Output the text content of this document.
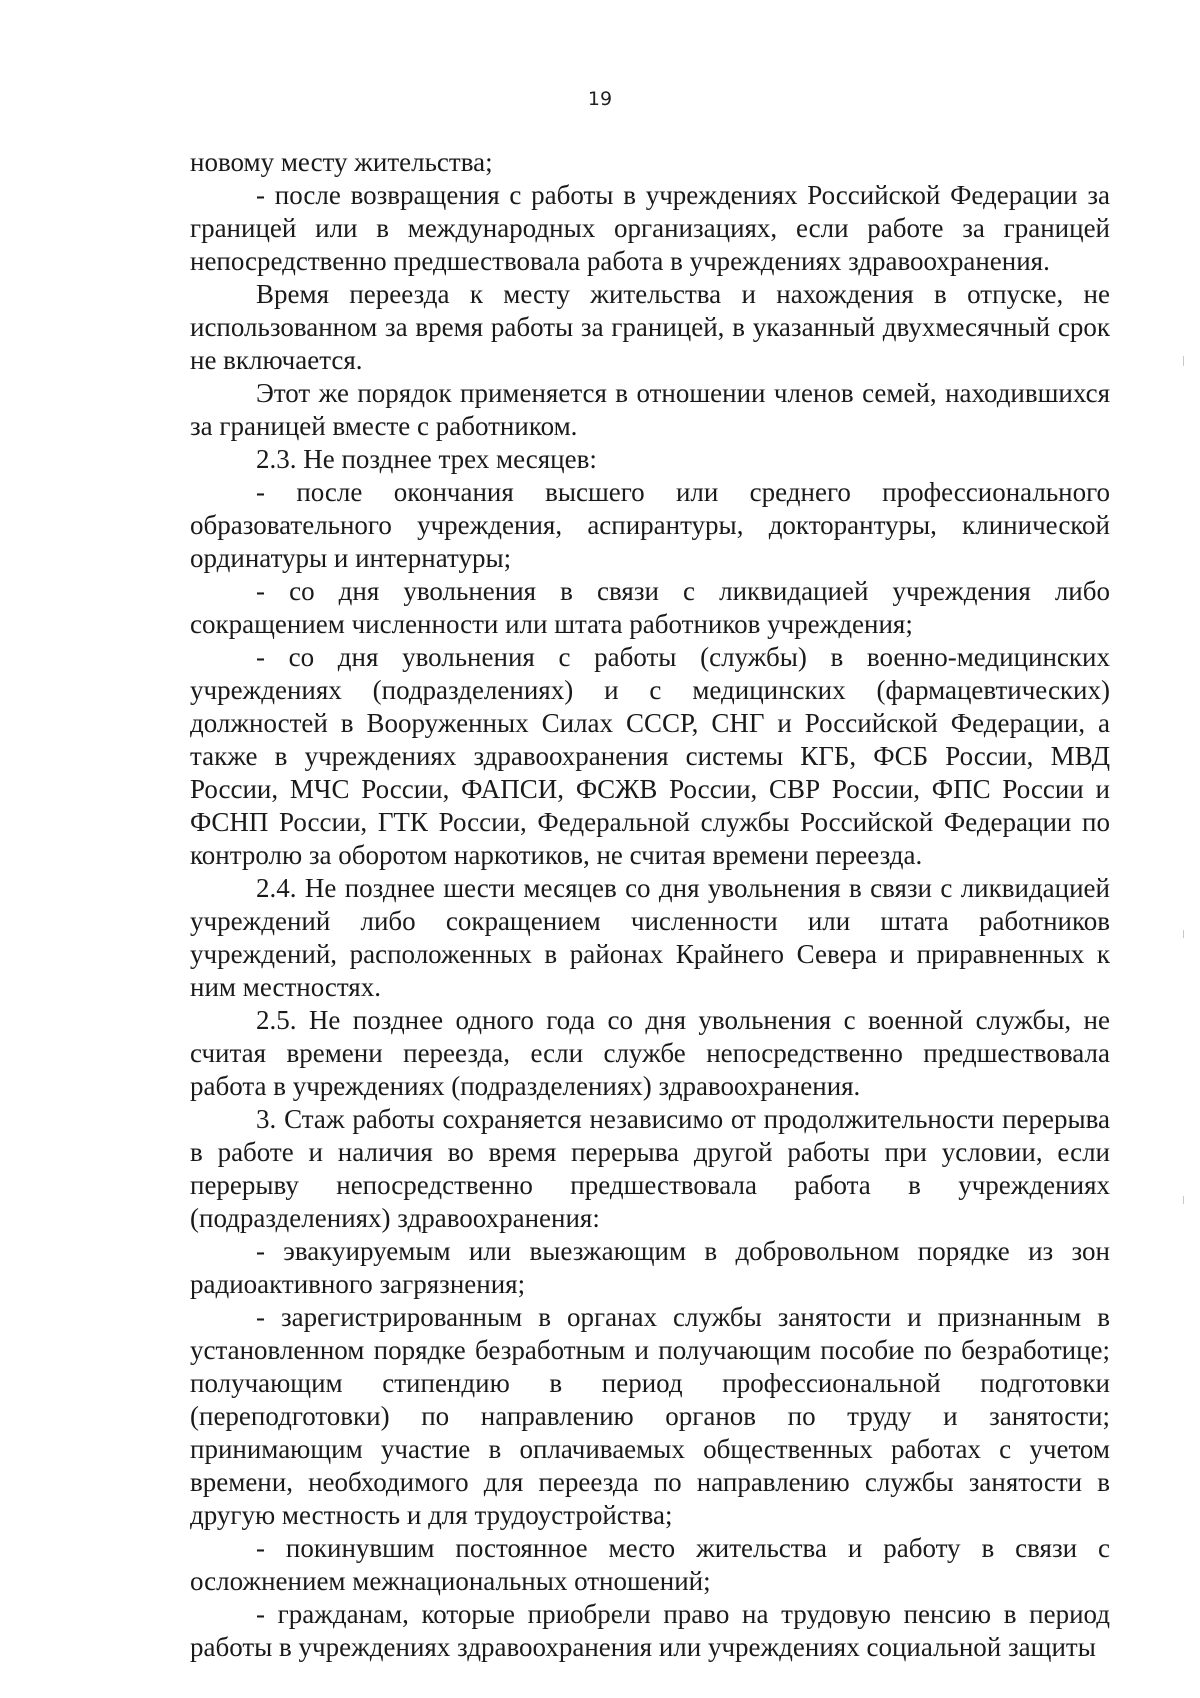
19

новому месту жительства;

- после возвращения с работы в учреждениях Российской Федерации за границей или в международных организациях, если работе за границей непосредственно предшествовала работа в учреждениях здравоохранения.

Время переезда к месту жительства и нахождения в отпуске, не использованном за время работы за границей, в указанный двухмесячный срок не включается.

Этот же порядок применяется в отношении членов семей, находившихся за границей вместе с работником.

2.3. Не позднее трех месяцев:

- после окончания высшего или среднего профессионального образовательного учреждения, аспирантуры, докторантуры, клинической ординатуры и интернатуры;

- со дня увольнения в связи с ликвидацией учреждения либо сокращением численности или штата работников учреждения;

- со дня увольнения с работы (службы) в военно-медицинских учреждениях (подразделениях) и с медицинских (фармацевтических) должностей в Вооруженных Силах СССР, СНГ и Российской Федерации, а также в учреждениях здравоохранения системы КГБ, ФСБ России, МВД России, МЧС России, ФАПСИ, ФСЖВ России, СВР России, ФПС России и ФСНП России, ГТК России, Федеральной службы Российской Федерации по контролю за оборотом наркотиков, не считая времени переезда.

2.4. Не позднее шести месяцев со дня увольнения в связи с ликвидацией учреждений либо сокращением численности или штата работников учреждений, расположенных в районах Крайнего Севера и приравненных к ним местностях.

2.5. Не позднее одного года со дня увольнения с военной службы, не считая времени переезда, если службе непосредственно предшествовала работа в учреждениях (подразделениях) здравоохранения.

3. Стаж работы сохраняется независимо от продолжительности перерыва в работе и наличия во время перерыва другой работы при условии, если перерыву непосредственно предшествовала работа в учреждениях (подразделениях) здравоохранения:

- эвакуируемым или выезжающим в добровольном порядке из зон радиоактивного загрязнения;

- зарегистрированным в органах службы занятости и признанным в установленном порядке безработным и получающим пособие по безработице; получающим стипендию в период профессиональной подготовки (переподготовки) по направлению органов по труду и занятости; принимающим участие в оплачиваемых общественных работах с учетом времени, необходимого для переезда по направлению службы занятости в другую местность и для трудоустройства;

- покинувшим постоянное место жительства и работу в связи с осложнением межнациональных отношений;

- гражданам, которые приобрели право на трудовую пенсию в период работы в учреждениях здравоохранения или учреждениях социальной защиты
